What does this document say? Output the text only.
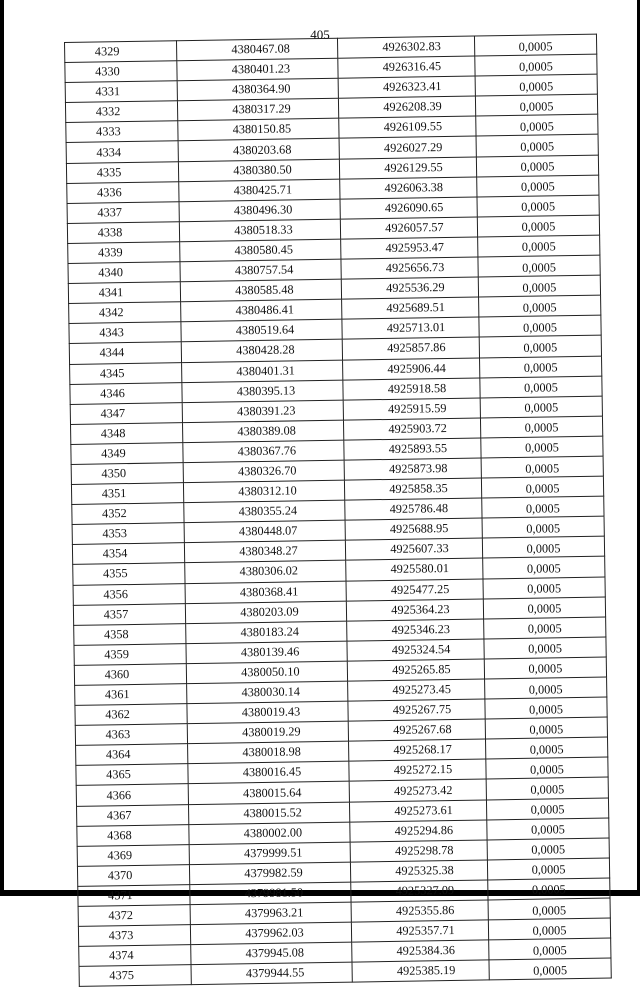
405
4329	4380467.08	4926302.83	0,0005
4330	4380401.23	4926316.45	0,0005
4331	4380364.90	4926323.41	0,0005
4332	4380317.29	4926208.39	0,0005
4333	4380150.85	4926109.55	0,0005
4334	4380203.68	4926027.29	0,0005
4335	4380380.50	4926129.55	0,0005
4336	4380425.71	4926063.38	0,0005
4337	4380496.30	4926090.65	0,0005
4338	4380518.33	4926057.57	0,0005
4339	4380580.45	4925953.47	0,0005
4340	4380757.54	4925656.73	0,0005
4341	4380585.48	4925536.29	0,0005
4342	4380486.41	4925689.51	0,0005
4343	4380519.64	4925713.01	0,0005
4344	4380428.28	4925857.86	0,0005
4345	4380401.31	4925906.44	0,0005
4346	4380395.13	4925918.58	0,0005
4347	4380391.23	4925915.59	0,0005
4348	4380389.08	4925903.72	0,0005
4349	4380367.76	4925893.55	0,0005
4350	4380326.70	4925873.98	0,0005
4351	4380312.10	4925858.35	0,0005
4352	4380355.24	4925786.48	0,0005
4353	4380448.07	4925688.95	0,0005
4354	4380348.27	4925607.33	0,0005
4355	4380306.02	4925580.01	0,0005
4356	4380368.41	4925477.25	0,0005
4357	4380203.09	4925364.23	0,0005
4358	4380183.24	4925346.23	0,0005
4359	4380139.46	4925324.54	0,0005
4360	4380050.10	4925265.85	0,0005
4361	4380030.14	4925273.45	0,0005
4362	4380019.43	4925267.75	0,0005
4363	4380019.29	4925267.68	0,0005
4364	4380018.98	4925268.17	0,0005
4365	4380016.45	4925272.15	0,0005
4366	4380015.64	4925273.42	0,0005
4367	4380015.52	4925273.61	0,0005
4368	4380002.00	4925294.86	0,0005
4369	4379999.51	4925298.78	0,0005
4370	4379982.59	4925325.38	0,0005
4371	4379981.50	4925327.09	0,0005
4372	4379963.21	4925355.86	0,0005
4373	4379962.03	4925357.71	0,0005
4374	4379945.08	4925384.36	0,0005
4375	4379944.55	4925385.19	0,0005
